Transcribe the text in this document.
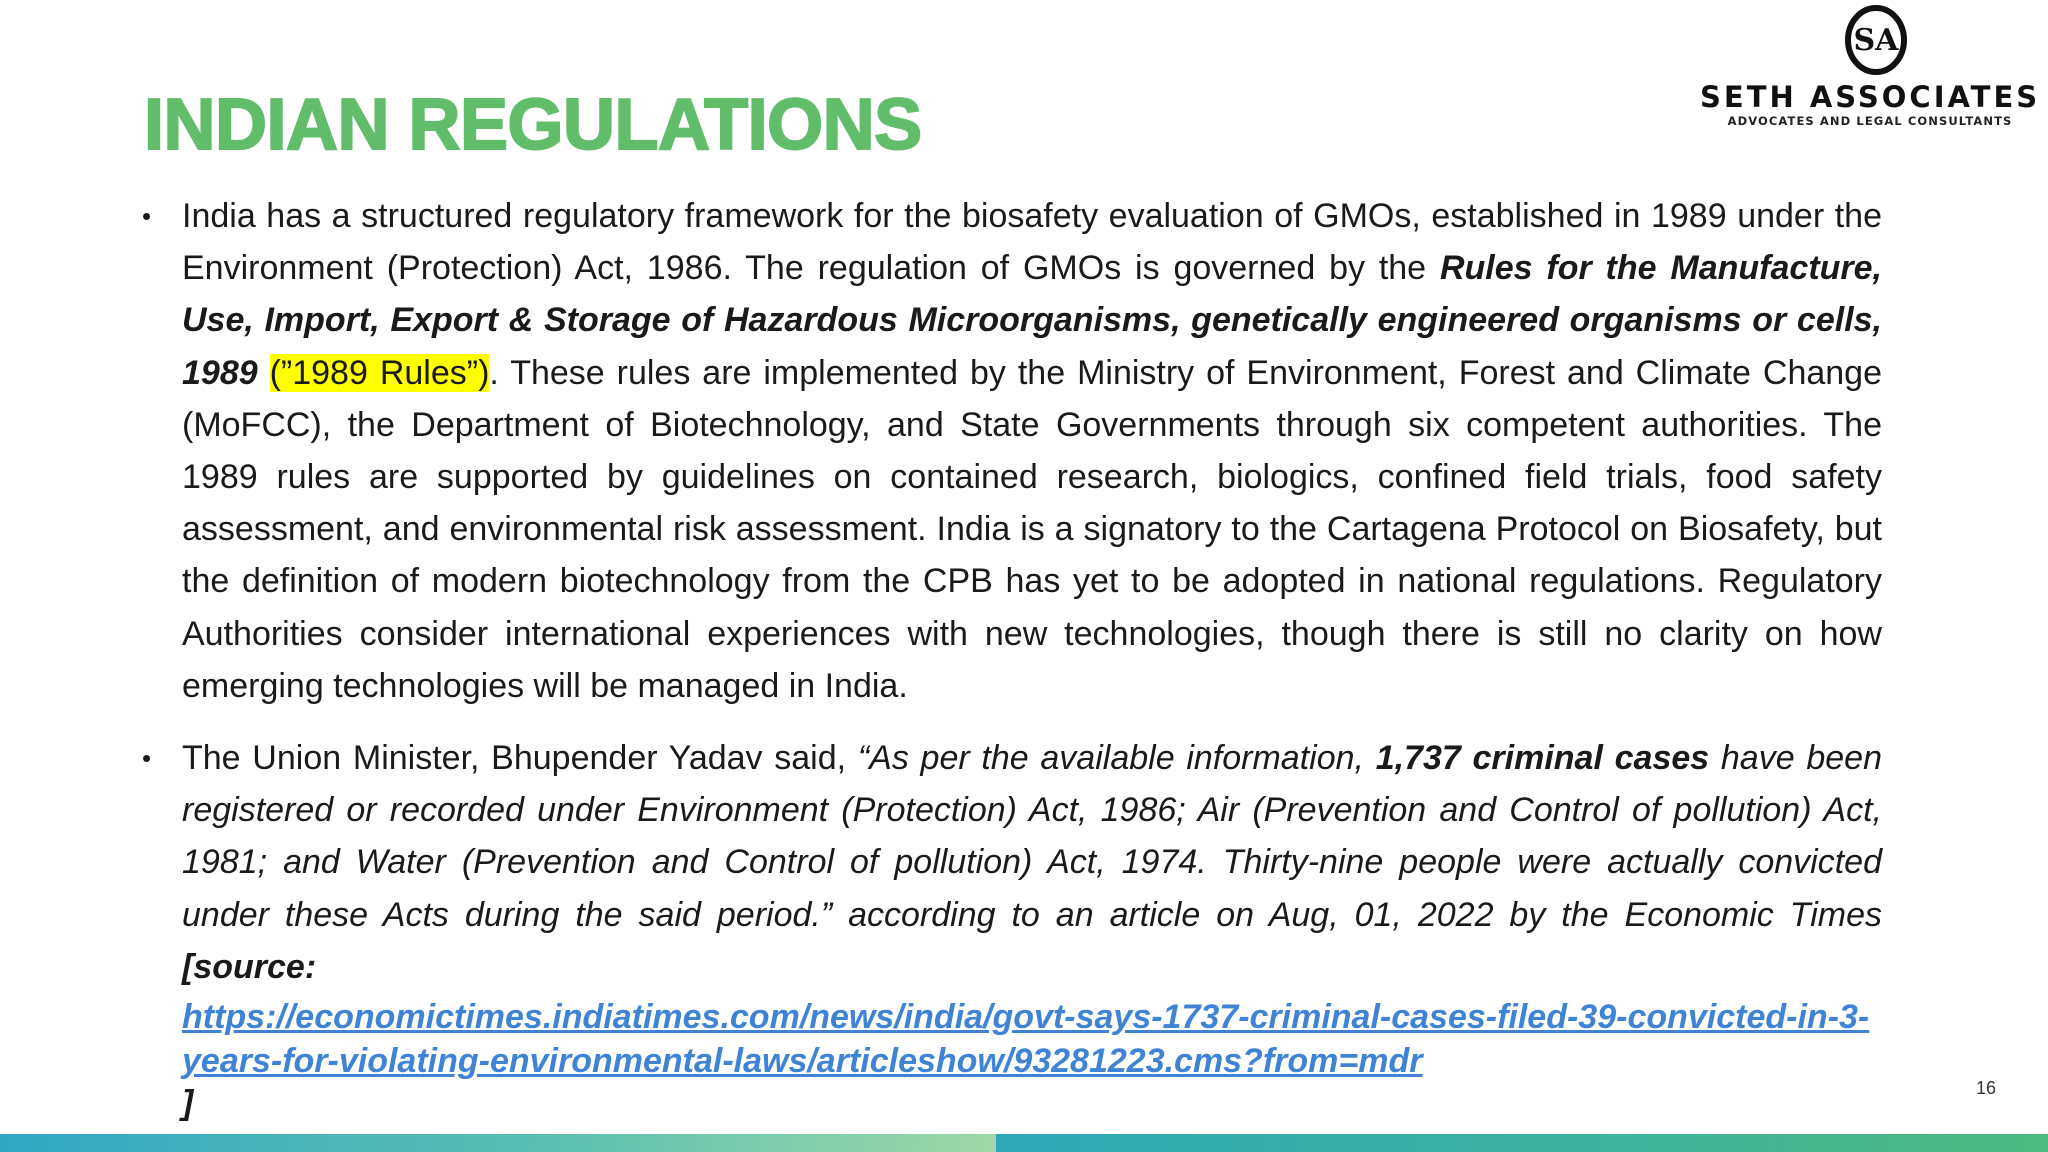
SA
SETH ASSOCIATES
ADVOCATES AND LEGAL CONSULTANTS
INDIAN REGULATIONS
• India has a structured regulatory framework for the biosafety evaluation of GMOs, established in 1989 under the Environment (Protection) Act, 1986. The regulation of GMOs is governed by the Rules for the Manufacture, Use, Import, Export & Storage of Hazardous Microorganisms, genetically engineered organisms or cells, 1989 (”1989 Rules”). These rules are implemented by the Ministry of Environment, Forest and Climate Change (MoFCC), the Department of Biotechnology, and State Governments through six competent authorities. The 1989 rules are supported by guidelines on contained research, biologics, confined field trials, food safety assessment, and environmental risk assessment. India is a signatory to the Cartagena Protocol on Biosafety, but the definition of modern biotechnology from the CPB has yet to be adopted in national regulations. Regulatory Authorities consider international experiences with new technologies, though there is still no clarity on how emerging technologies will be managed in India.
• The Union Minister, Bhupender Yadav said, “As per the available information, 1,737 criminal cases have been registered or recorded under Environment (Protection) Act, 1986; Air (Prevention and Control of pollution) Act, 1981; and Water (Prevention and Control of pollution) Act, 1974. Thirty-nine people were actually convicted under these Acts during the said period.” according to an article on Aug, 01, 2022 by the Economic Times [source:
https://economictimes.indiatimes.com/news/india/govt-says-1737-criminal-cases-filed-39-convicted-in-3-years-for-violating-environmental-laws/articleshow/93281223.cms?from=mdr
]	16
